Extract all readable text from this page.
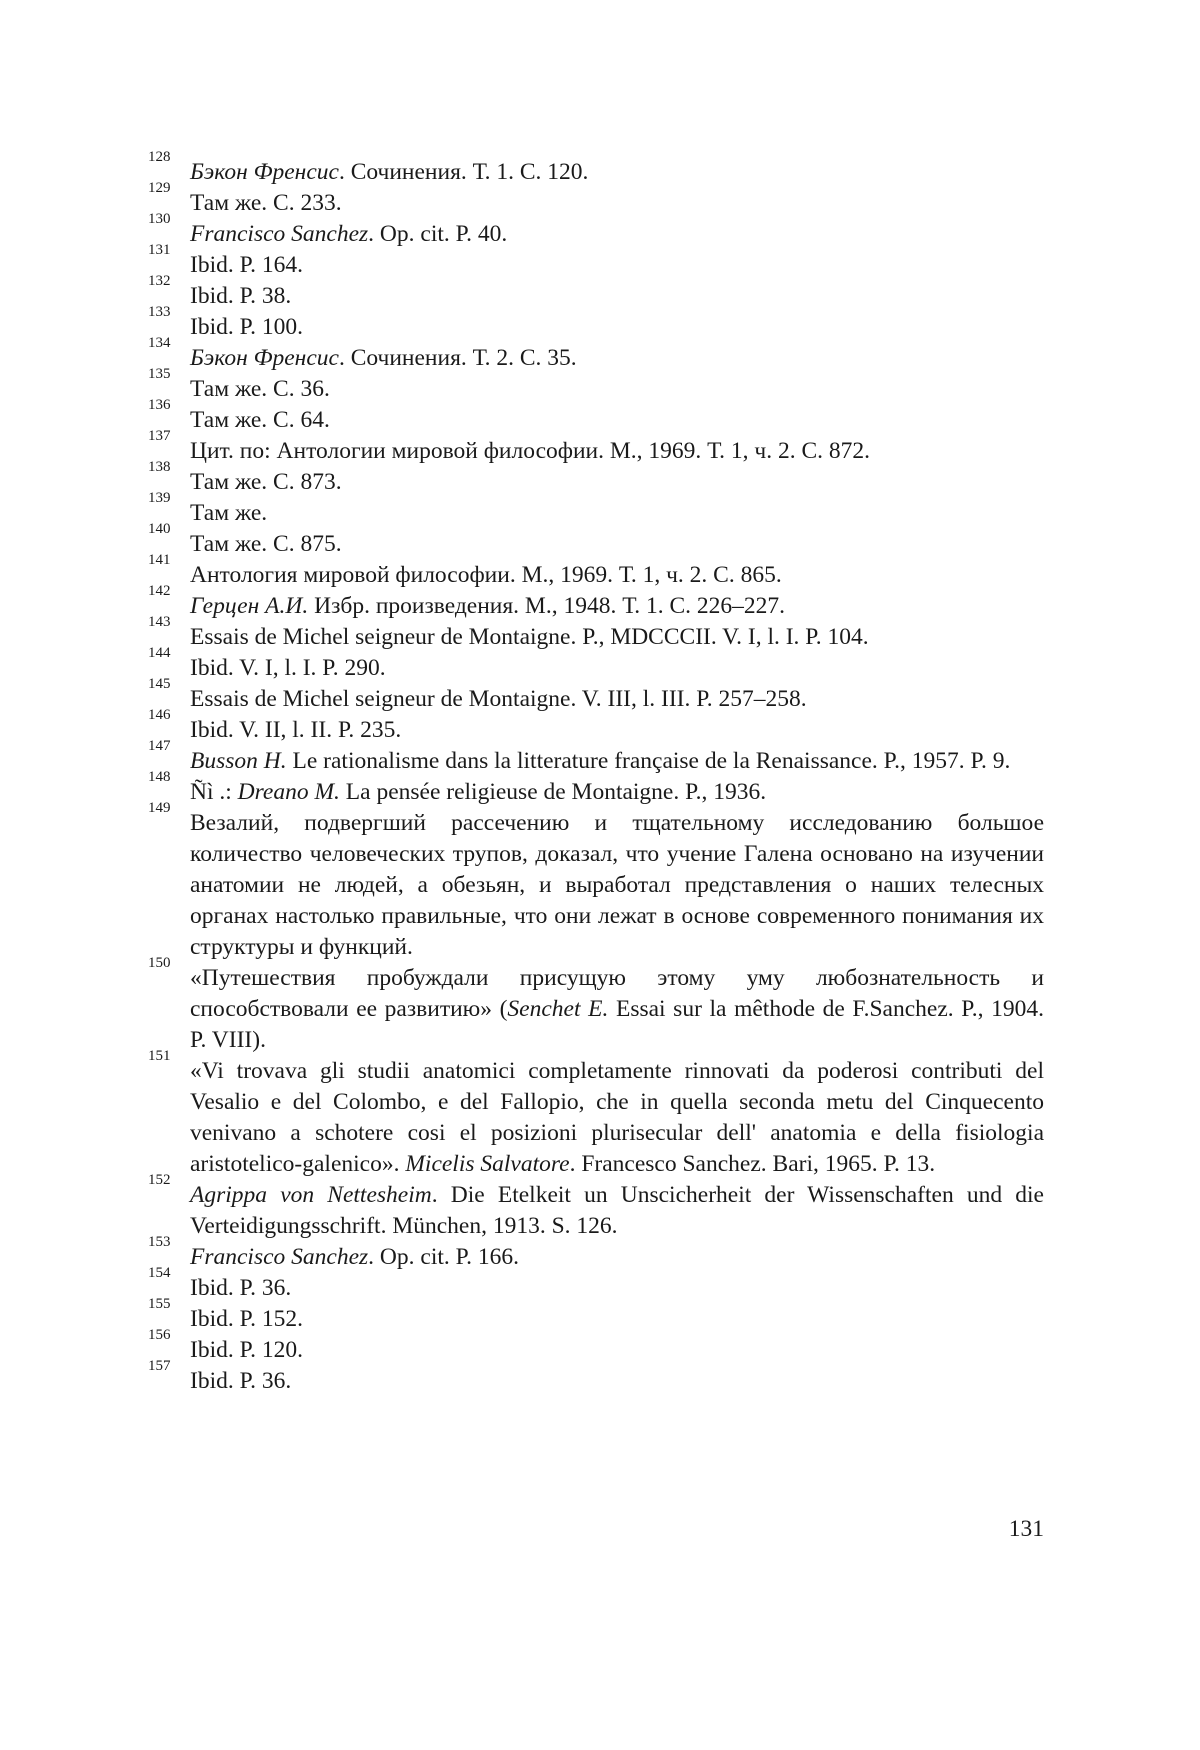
128
Бэкон Френсис. Сочинения. Т. 1. С. 120.
129
Там же. С. 233.
130
Francisco Sanchez. Op. cit. P. 40.
131
Ibid. P. 164.
132
Ibid. P. 38.
133
Ibid. P. 100.
134
Бэкон Френсис. Сочинения. Т. 2. С. 35.
135
Там же. С. 36.
136
Там же. С. 64.
137
Цит. по: Антологии мировой философии. М., 1969. Т. 1, ч. 2. С. 872.
138
Там же. С. 873.
139
Там же.
140
Там же. С. 875.
141
Антология мировой философии. М., 1969. Т. 1, ч. 2. С. 865.
142
Герцен А.И. Избр. произведения. М., 1948. Т. 1. С. 226–227.
143
Essais de Michel seigneur de Montaigne. P., MDCCCII. V. I, l. I. P. 104.
144
Ibid. V. I, l. I. P. 290.
145
Essais de Michel seigneur de Montaigne. V. III, l. III. P. 257–258.
146
Ibid. V. II, l. II. P. 235.
147
Busson H. Le rationalisme dans la litterature française de la Renaissance. P., 1957. P. 9.
148
Ñì .: Dreano M. La pensée religieuse de Montaigne. P., 1936.
149
Везалий, подвергший рассечению и тщательному исследованию большое количество человеческих трупов, доказал, что учение Галена основано на изучении анатомии не людей, а обезьян, и выработал представления о наших телесных органах настолько правильные, что они лежат в основе современного понимания их структуры и функций.
150
«Путешествия пробуждали присущую этому уму любознательность и способствовали ее развитию» (Senchet E. Essai sur la mêthode de F.Sanchez. P., 1904. P. VIII).
151
«Vi trovava gli studii anatomici completamente rinnovati da poderosi contributi del Vesalio e del Colombo, e del Fallopio, che in quella seconda metu del Cinquecento venivano a schotere cosi el posizioni plurisecular dell' anatomia e della fisiologia aristotelico-galenico». Micelis Salvatore. Francesco Sanchez. Bari, 1965. P. 13.
152
Agrippa von Nettesheim. Die Etelkeit un Unscicherheit der Wissenschaften und die Verteidigungsschrift. München, 1913. S. 126.
153
Francisco Sanchez. Op. cit. P. 166.
154
Ibid. P. 36.
155
Ibid. P. 152.
156
Ibid. P. 120.
157
Ibid. P. 36.
131
